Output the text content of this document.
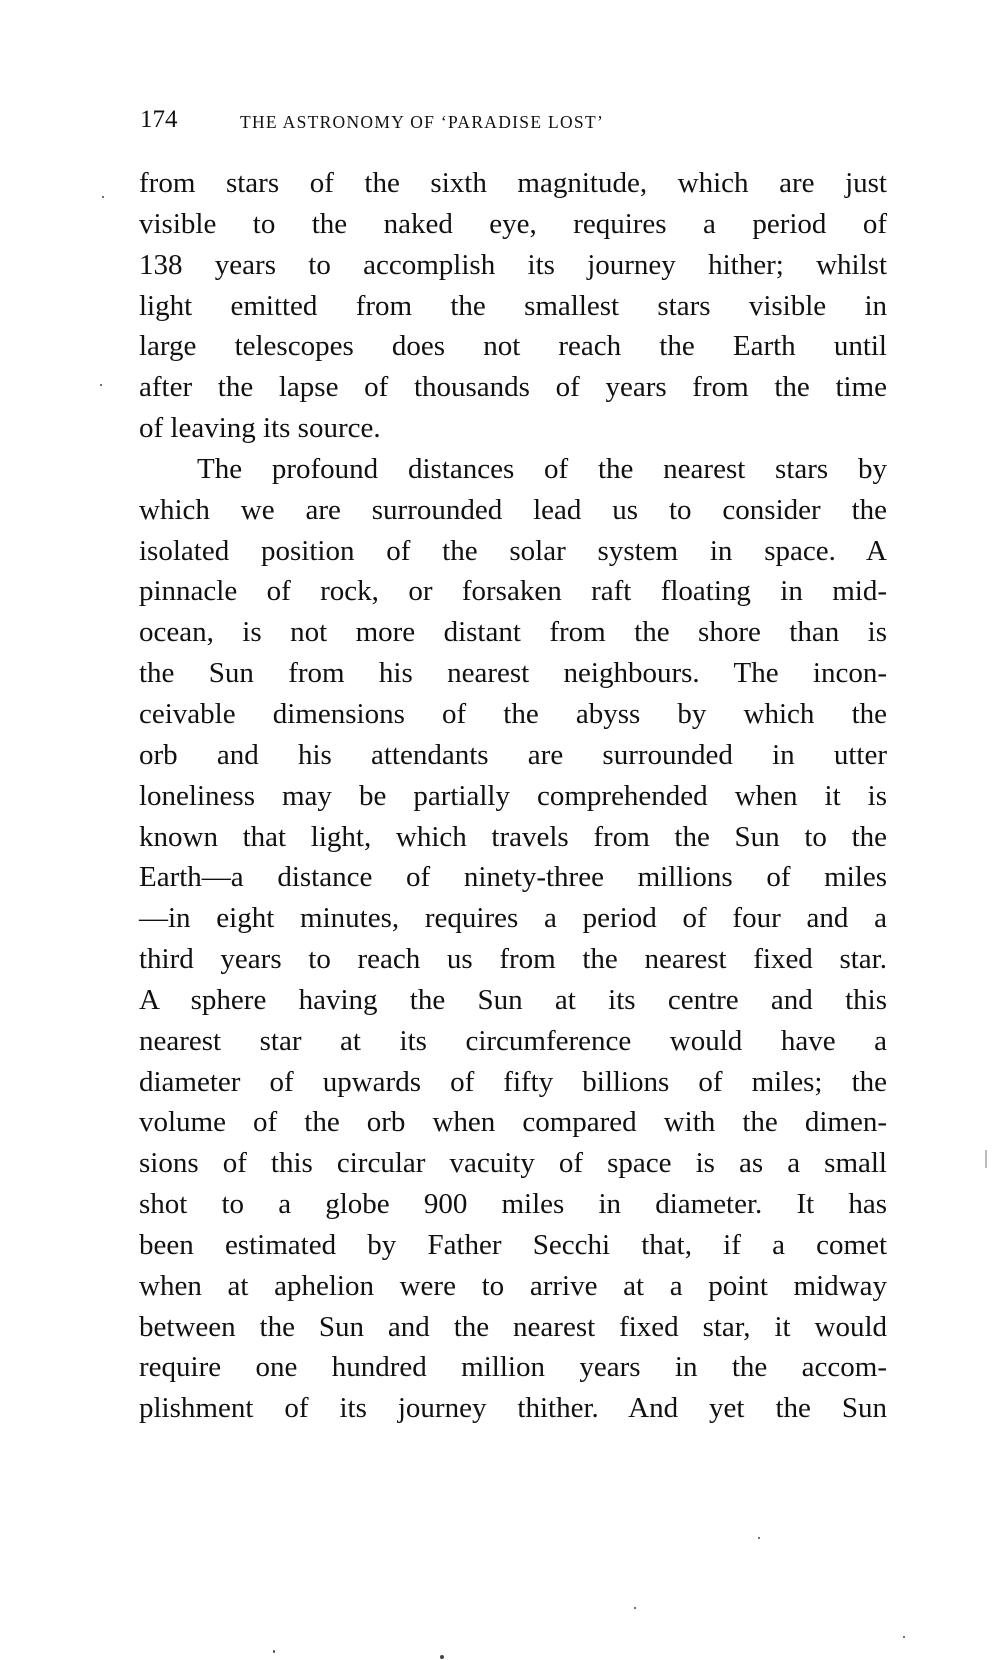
174	THE ASTRONOMY OF ‘PARADISE LOST’
from stars of the sixth magnitude, which are just
visible to the naked eye, requires a period of
138 years to accomplish its journey hither; whilst
light emitted from the smallest stars visible in
large telescopes does not reach the Earth until
after the lapse of thousands of years from the time
of leaving its source.
The profound distances of the nearest stars by
which we are surrounded lead us to consider the
isolated position of the solar system in space. A
pinnacle of rock, or forsaken raft floating in mid-
ocean, is not more distant from the shore than is
the Sun from his nearest neighbours. The incon-
ceivable dimensions of the abyss by which the
orb and his attendants are surrounded in utter
loneliness may be partially comprehended when it is
known that light, which travels from the Sun to the
Earth—a distance of ninety-three millions of miles
—in eight minutes, requires a period of four and a
third years to reach us from the nearest fixed star.
A sphere having the Sun at its centre and this
nearest star at its circumference would have a
diameter of upwards of fifty billions of miles; the
volume of the orb when compared with the dimen-
sions of this circular vacuity of space is as a small
shot to a globe 900 miles in diameter. It has
been estimated by Father Secchi that, if a comet
when at aphelion were to arrive at a point midway
between the Sun and the nearest fixed star, it would
require one hundred million years in the accom-
plishment of its journey thither. And yet the Sun
